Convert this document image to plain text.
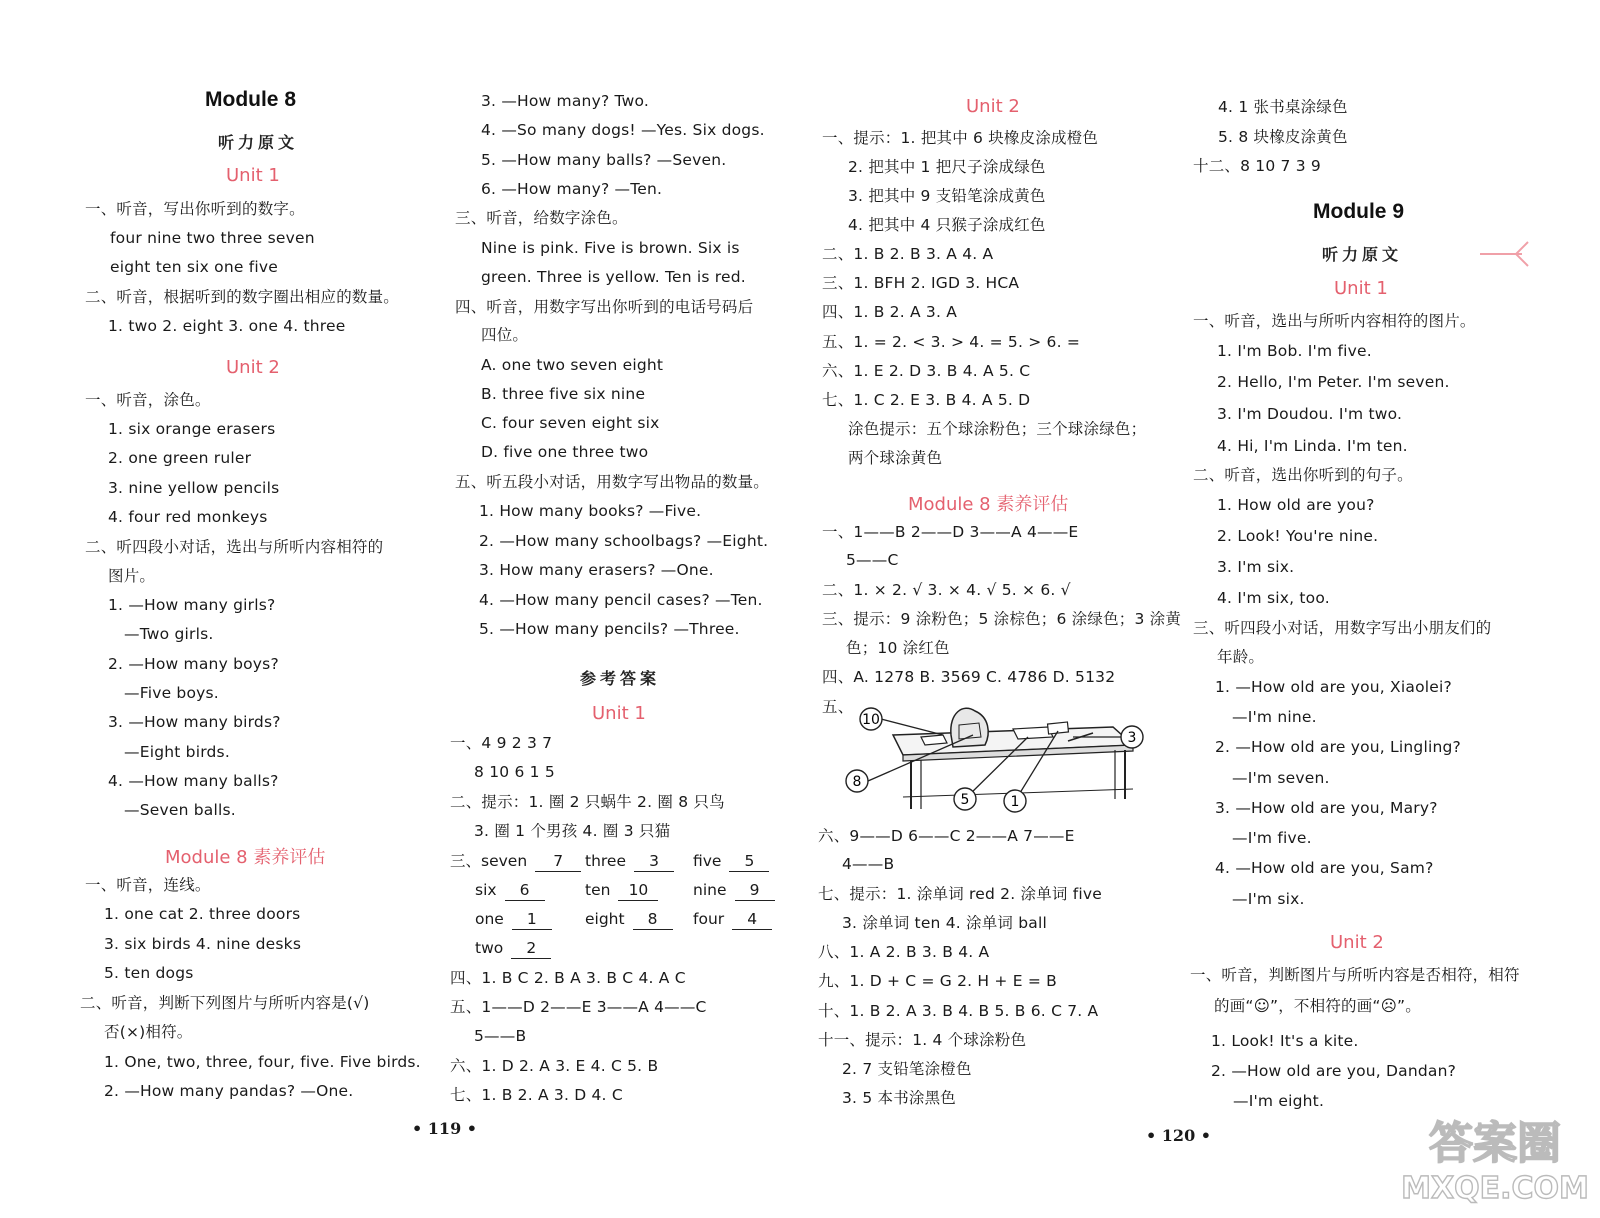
Module 8
听力原文
Unit 1
一、听音，写出你听到的数字。
four nine two three seven
eight ten six one five
二、听音，根据听到的数字圈出相应的数量。
1. two 2. eight 3. one 4. three
Unit 2
一、听音，涂色。
1. six orange erasers
2. one green ruler
3. nine yellow pencils
4. four red monkeys
二、听四段小对话，选出与所听内容相符的
图片。
1. —How many girls?
—Two girls.
2. —How many boys?
—Five boys.
3. —How many birds?
—Eight birds.
4. —How many balls?
—Seven balls.
Module 8 素养评估
一、听音，连线。
1. one cat 2. three doors
3. six birds 4. nine desks
5. ten dogs
二、听音，判断下列图片与所听内容是(√)
否(×)相符。
1. One, two, three, four, five. Five birds.
2. —How many pandas? —One.
• 119 •
3. —How many? Two.
4. —So many dogs! —Yes. Six dogs.
5. —How many balls? —Seven.
6. —How many? —Ten.
三、听音，给数字涂色。
Nine is pink. Five is brown. Six is
green. Three is yellow. Ten is red.
四、听音，用数字写出你听到的电话号码后
四位。
A. one two seven eight
B. three five six nine
C. four seven eight six
D. five one three two
五、听五段小对话，用数字写出物品的数量。
1. How many books? —Five.
2. —How many schoolbags? —Eight.
3. How many erasers? —One.
4. —How many pencil cases? —Ten.
5. —How many pencils? —Three.
参考答案
Unit 1
一、4 9 2 3 7
8 10 6 1 5
二、提示：1. 圈 2 只蜗牛 2. 圈 8 只鸟
3. 圈 1 个男孩 4. 圈 3 只猫
三、seven 7	three 3	five 5
six 6	ten 10	nine 9
one 1	eight 8	four 4
two 2
四、1. B C 2. B A 3. B C 4. A C
五、1——D 2——E 3——A 4——C
5——B
六、1. D 2. A 3. E 4. C 5. B
七、1. B 2. A 3. D 4. C
Unit 2
一、提示：1. 把其中 6 块橡皮涂成橙色
2. 把其中 1 把尺子涂成绿色
3. 把其中 9 支铅笔涂成黄色
4. 把其中 4 只猴子涂成红色
二、1. B 2. B 3. A 4. A
三、1. BFH 2. IGD 3. HCA
四、1. B 2. A 3. A
五、1. = 2. < 3. > 4. = 5. > 6. =
六、1. E 2. D 3. B 4. A 5. C
七、1. C 2. E 3. B 4. A 5. D
涂色提示：五个球涂粉色；三个球涂绿色；
两个球涂黄色
Module 8 素养评估
一、1——B 2——D 3——A 4——E
5——C
二、1. × 2. √ 3. × 4. √ 5. × 6. √
三、提示：9 涂粉色；5 涂棕色；6 涂绿色；3 涂黄
色；10 涂红色
四、A. 1278 B. 3569 C. 4786 D. 5132
五、
10
3
8
5	1
六、9——D 6——C 2——A 7——E
4——B
七、提示：1. 涂单词 red 2. 涂单词 five
3. 涂单词 ten 4. 涂单词 ball
八、1. A 2. B 3. B 4. A
九、1. D + C = G 2. H + E = B
十、1. B 2. A 3. B 4. B 5. B 6. C 7. A
十一、提示：1. 4 个球涂粉色
2. 7 支铅笔涂橙色
3. 5 本书涂黑色
• 120 •
4. 1 张书桌涂绿色
5. 8 块橡皮涂黄色
十二、8 10 7 3 9
Module 9
听力原文
Unit 1
一、听音，选出与所听内容相符的图片。
1. I'm Bob. I'm five.
2. Hello, I'm Peter. I'm seven.
3. I'm Doudou. I'm two.
4. Hi, I'm Linda. I'm ten.
二、听音，选出你听到的句子。
1. How old are you?
2. Look! You're nine.
3. I'm six.
4. I'm six, too.
三、听四段小对话，用数字写出小朋友们的
年龄。
1. —How old are you, Xiaolei?
—I'm nine.
2. —How old are you, Lingling?
—I'm seven.
3. —How old are you, Mary?
—I'm five.
4. —How old are you, Sam?
—I'm six.
Unit 2
一、听音，判断图片与所听内容是否相符，相符
的画“☺”，不相符的画“☹”。
1. Look! It's a kite.
2. —How old are you, Dandan?
—I'm eight.
答案圈
MXQE.COM
